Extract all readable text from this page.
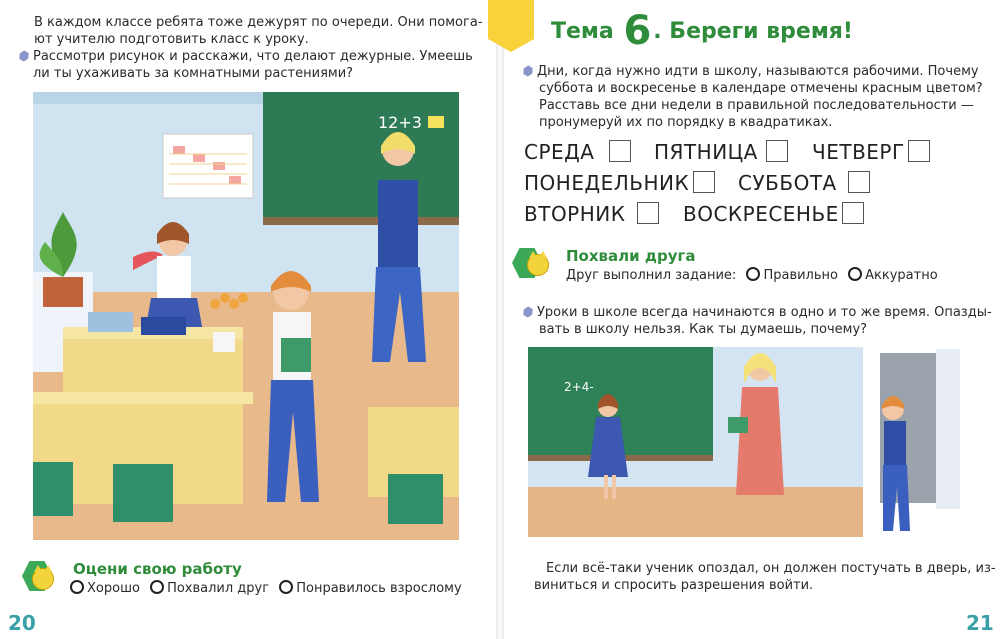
В каждом классе ребята тоже дежурят по очереди. Они помога-

ют учителю подготовить класс к уроку.

Рассмотри рисунок и расскажи, что делают дежурные. Умеешь

ли ты ухаживать за комнатными растениями?

12+3
Оцени свою работу
Хорошо Похвалил друг Понравилось взрослому
20
Тема 6. Береги время!

Дни, когда нужно идти в школу, называются рабочими. Почему

суббота и воскресенье в календаре отмечены красным цветом?

Расставь все дни недели в правильной последовательности —

пронумеруй их по порядку в квадратиках.

СРЕДА	ПЯТНИЦА	ЧЕТВЕРГ
ПОНЕДЕЛЬНИК СУББОТА
ВТОРНИК	ВОСКРЕСЕНЬЕ
Похвали друга
Друг выполнил задание: Правильно Аккуратно

Уроки в школе всегда начинаются в одно и то же время. Опазды-

вать в школу нельзя. Как ты думаешь, почему?

2+4-

Если всё-таки ученик опоздал, он должен постучать в дверь, из-

виниться и спросить разрешения войти.

21
